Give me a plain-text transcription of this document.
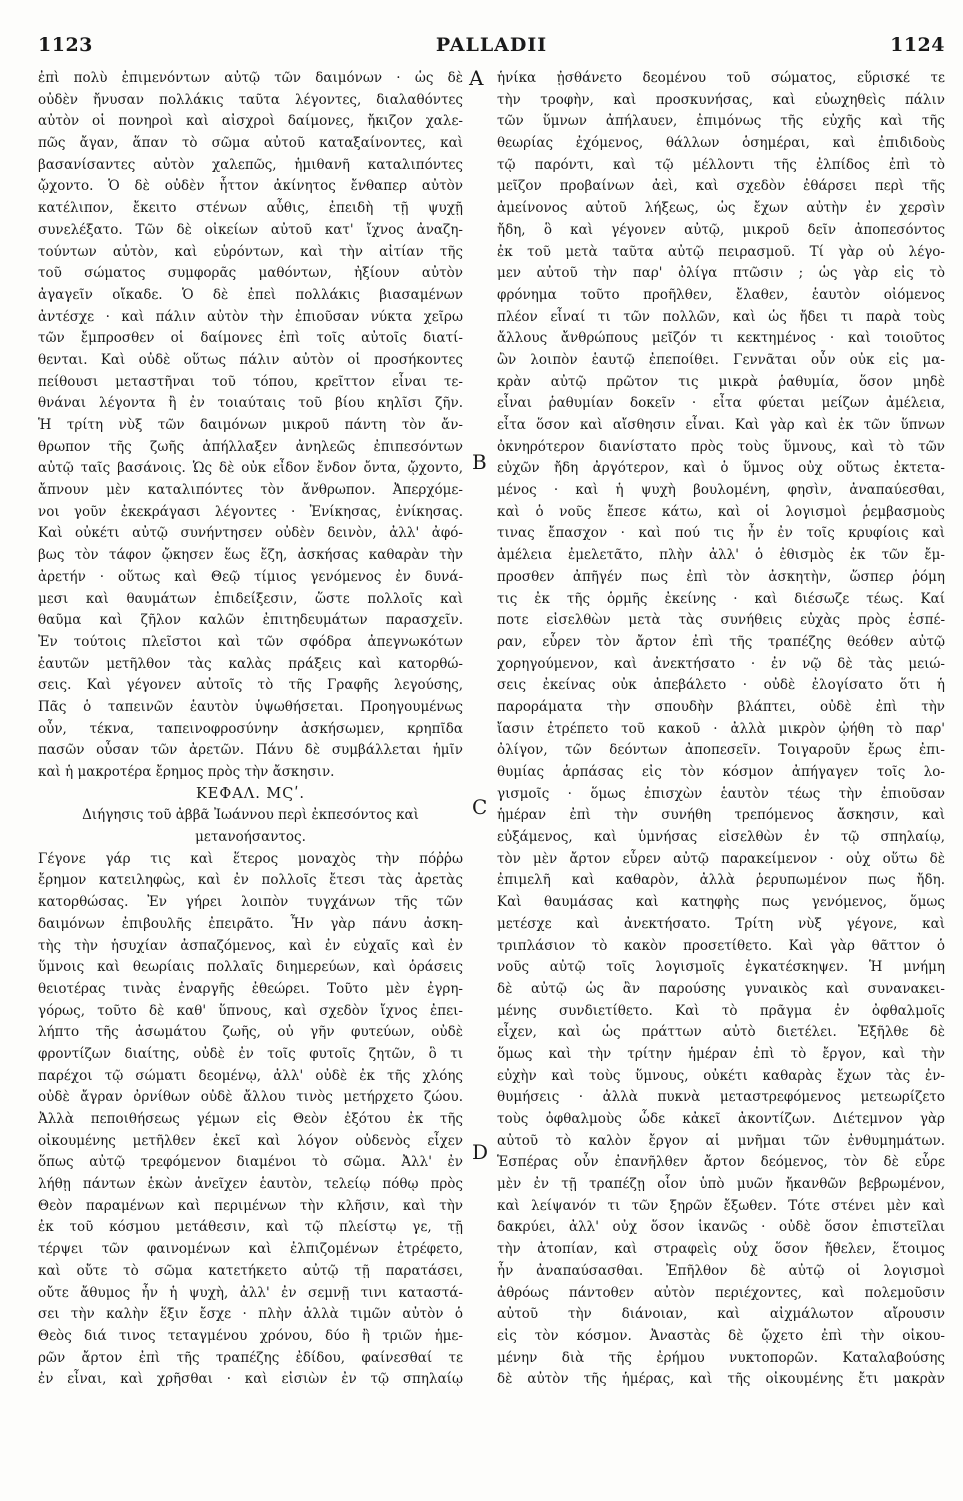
1123	PALLADII	1124
A
B
C
D
ἐπὶ πολὺ ἐπιμενόντων αὐτῷ τῶν δαιμόνων · ὡς δὲ
οὐδὲν ἤνυσαν πολλάκις ταῦτα λέγοντες, διαλαθόντες
αὐτὸν οἱ πονηροὶ καὶ αἰσχροὶ δαίμονες, ἤκιζον χαλε-
πῶς ἄγαν, ἅπαν τὸ σῶμα αὐτοῦ καταξαίνοντες, καὶ
βασανίσαντες αὐτὸν χαλεπῶς, ἡμιθανῆ καταλιπόντες
ᾤχοντο. Ὁ δὲ οὐδὲν ἧττον ἀκίνητος ἔνθαπερ αὐτὸν
κατέλιπον, ἔκειτο στένων αὖθις, ἐπειδὴ τῇ ψυχῇ
συνελέξατο. Τῶν δὲ οἰκείων αὐτοῦ κατ' ἴχνος ἀναζη-
τούντων αὐτὸν, καὶ εὑρόντων, καὶ τὴν αἰτίαν τῆς
τοῦ σώματος συμφορᾶς μαθόντων, ἠξίουν αὐτὸν
ἀγαγεῖν οἴκαδε. Ὁ δὲ ἐπεὶ πολλάκις βιασαμένων
ἀντέσχε · καὶ πάλιν αὐτὸν τὴν ἐπιοῦσαν νύκτα χεῖρω
τῶν ἔμπροσθεν οἱ δαίμονες ἐπὶ τοῖς αὐτοῖς διατί-
θενται. Καὶ οὐδὲ οὕτως πάλιν αὐτὸν οἱ προσήκοντες
πείθουσι μεταστῆναι τοῦ τόπου, κρεῖττον εἶναι τε-
θνάναι λέγοντα ἢ ἐν τοιαύταις τοῦ βίου κηλῖσι ζῆν.
Ἡ τρίτη νὺξ τῶν δαιμόνων μικροῦ πάντη τὸν ἄν-
θρωπον τῆς ζωῆς ἀπήλλαξεν ἀνηλεῶς ἐπιπεσόντων
αὐτῷ ταῖς βασάνοις. Ὡς δὲ οὐκ εἶδον ἔνδον ὄντα, ᾤχοντο,
ἄπνουν μὲν καταλιπόντες τὸν ἄνθρωπον. Ἀπερχόμε-
νοι γοῦν ἐκεκράγασι λέγοντες · Ἐνίκησας, ἐνίκησας.
Καὶ οὐκέτι αὐτῷ συνήντησεν οὐδὲν δεινὸν, ἀλλ' ἀφό-
βως τὸν τάφον ᾤκησεν ἕως ἔζη, ἀσκήσας καθαρὰν τὴν
ἀρετήν · οὕτως καὶ Θεῷ τίμιος γενόμενος ἐν δυνά-
μεσι καὶ θαυμάτων ἐπιδείξεσιν, ὥστε πολλοῖς καὶ
θαῦμα καὶ ζῆλον καλῶν ἐπιτηδευμάτων παρασχεῖν.
Ἐν τούτοις πλεῖστοι καὶ τῶν σφόδρα ἀπεγνωκότων
ἑαυτῶν μετῆλθον τὰς καλὰς πράξεις καὶ κατορθώ-
σεις. Καὶ γέγονεν αὐτοῖς τὸ τῆς Γραφῆς λεγούσης,
Πᾶς ὁ ταπεινῶν ἑαυτὸν ὑψωθήσεται. Προηγουμένως
οὖν, τέκνα, ταπεινοφροσύνην ἀσκήσωμεν, κρηπῖδα
πασῶν οὖσαν τῶν ἀρετῶν. Πάνυ δὲ συμβάλλεται ἡμῖν
καὶ ἡ μακροτέρα ἔρημος πρὸς τὴν ἄσκησιν.
ΚΕΦΑΛ. ΜϚʹ.
Διήγησις τοῦ ἀββᾶ Ἰωάννου περὶ ἐκπεσόντος καὶ
μετανοήσαντος.
Γέγονε γάρ τις καὶ ἕτερος μοναχὸς τὴν πόῤῥω
ἔρημον κατειληφὼς, καὶ ἐν πολλοῖς ἔτεσι τὰς ἀρετὰς
κατορθώσας. Ἐν γήρει λοιπὸν τυγχάνων τῆς τῶν
δαιμόνων ἐπιβουλῆς ἐπειρᾶτο. Ἦν γὰρ πάνυ ἀσκη-
τὴς τὴν ἡσυχίαν ἀσπαζόμενος, καὶ ἐν εὐχαῖς καὶ ἐν
ὕμνοις καὶ θεωρίαις πολλαῖς διημερεύων, καὶ ὁράσεις
θειοτέρας τινὰς ἐναργῆς ἐθεώρει. Τοῦτο μὲν ἐγρη-
γόρως, τοῦτο δὲ καθ' ὕπνους, καὶ σχεδὸν ἴχνος ἐπει-
λήπτο τῆς ἀσωμάτου ζωῆς, οὐ γῆν φυτεύων, οὐδὲ
φροντίζων διαίτης, οὐδὲ ἐν τοῖς φυτοῖς ζητῶν, ὃ τι
παρέχοι τῷ σώματι δεομένῳ, ἀλλ' οὐδὲ ἐκ τῆς χλόης
οὐδὲ ἄγραν ὀρνίθων οὐδὲ ἄλλου τινὸς μετήρχετο ζώου.
Ἀλλὰ πεποιθήσεως γέμων εἰς Θεὸν ἐξότου ἐκ τῆς
οἰκουμένης μετῆλθεν ἐκεῖ καὶ λόγον οὐδενὸς εἶχεν
ὅπως αὐτῷ τρεφόμενον διαμένοι τὸ σῶμα. Ἀλλ' ἐν
λήθῃ πάντων ἑκὼν ἀνεῖχεν ἑαυτὸν, τελείῳ πόθῳ πρὸς
Θεὸν παραμένων καὶ περιμένων τὴν κλῆσιν, καὶ τὴν
ἐκ τοῦ κόσμου μετάθεσιν, καὶ τῷ πλείστῳ γε, τῇ
τέρψει τῶν φαινομένων καὶ ἐλπιζομένων ἐτρέφετο,
καὶ οὔτε τὸ σῶμα κατετήκετο αὐτῷ τῇ παρατάσει,
οὔτε ἄθυμος ἦν ἡ ψυχὴ, ἀλλ' ἐν σεμνῇ τινι καταστά-
σει τὴν καλὴν ἕξιν ἔσχε · πλὴν ἀλλὰ τιμῶν αὐτὸν ὁ
Θεὸς διά τινος τεταγμένου χρόνου, δύο ἢ τριῶν ἡμε-
ρῶν ἄρτον ἐπὶ τῆς τραπέζης ἐδίδου, φαίνεσθαί τε
ἐν εἶναι, καὶ χρῆσθαι · καὶ εἰσιὼν ἐν τῷ σπηλαίῳ
ἡνίκα ᾐσθάνετο δεομένου τοῦ σώματος, εὕρισκέ τε
τὴν τροφὴν, καὶ προσκυνήσας, καὶ εὐωχηθεὶς πάλιν
τῶν ὕμνων ἀπήλαυεν, ἐπιμόνως τῆς εὐχῆς καὶ τῆς
θεωρίας ἐχόμενος, θάλλων ὁσημέραι, καὶ ἐπιδιδοὺς
τῷ παρόντι, καὶ τῷ μέλλοντι τῆς ἐλπίδος ἐπὶ τὸ
μεῖζον προβαίνων ἀεὶ, καὶ σχεδὸν ἐθάρσει περὶ τῆς
ἀμείνονος αὐτοῦ λήξεως, ὡς ἔχων αὐτὴν ἐν χερσὶν
ἤδη, ὃ καὶ γέγονεν αὐτῷ, μικροῦ δεῖν ἀποπεσόντος
ἐκ τοῦ μετὰ ταῦτα αὐτῷ πειρασμοῦ. Τί γὰρ οὐ λέγο-
μεν αὐτοῦ τὴν παρ' ὀλίγα πτῶσιν ; ὡς γὰρ εἰς τὸ
φρόνημα τοῦτο προῆλθεν, ἔλαθεν, ἑαυτὸν οἰόμενος
πλέον εἶναί τι τῶν πολλῶν, καὶ ὡς ἤδει τι παρὰ τοὺς
ἄλλους ἄνθρώπους μεῖζόν τι κεκτημένος · καὶ τοιοῦτος
ὢν λοιπὸν ἑαυτῷ ἐπεποίθει. Γεννᾶται οὖν οὐκ εἰς μα-
κρὰν αὐτῷ πρῶτον τις μικρὰ ῥαθυμία, ὅσον μηδὲ
εἶναι ῥαθυμίαν δοκεῖν · εἶτα φύεται μείζων ἀμέλεια,
εἶτα ὅσον καὶ αἴσθησιν εἶναι. Καὶ γὰρ καὶ ἐκ τῶν ὕπνων
ὀκνηρότερον διανίστατο πρὸς τοὺς ὕμνους, καὶ τὸ τῶν
εὐχῶν ἤδη ἀργότερον, καὶ ὁ ὕμνος οὐχ οὕτως ἐκτετα-
μένος · καὶ ἡ ψυχὴ βουλομένη, φησὶν, ἀναπαύεσθαι,
καὶ ὁ νοῦς ἔπεσε κάτω, καὶ οἱ λογισμοὶ ῥεμβασμοὺς
τινας ἔπασχον · καὶ πού τις ἦν ἐν τοῖς κρυφίοις καὶ
ἀμέλεια ἐμελετᾶτο, πλὴν ἀλλ' ὁ ἐθισμὸς ἐκ τῶν ἔμ-
προσθεν ἀπῆγέν πως ἐπὶ τὸν ἀσκητὴν, ὥσπερ ῥόμη
τις ἐκ τῆς ὁρμῆς ἐκείνης · καὶ διέσωζε τέως. Καί
ποτε εἰσελθὼν μετὰ τὰς συνήθεις εὐχὰς πρὸς ἑσπέ-
ραν, εὗρεν τὸν ἄρτον ἐπὶ τῆς τραπέζης θεόθεν αὐτῷ
χορηγούμενον, καὶ ἀνεκτήσατο · ἐν νῷ δὲ τὰς μειώ-
σεις ἐκείνας οὐκ ἀπεβάλετο · οὐδὲ ἐλογίσατο ὅτι ἡ
παροράματα τὴν σπουδὴν βλάπτει, οὐδὲ ἐπὶ τὴν
ἴασιν ἐτρέπετο τοῦ κακοῦ · ἀλλὰ μικρὸν ᾠήθη τὸ παρ'
ὀλίγον, τῶν δεόντων ἀποπεσεῖν. Τοιγαροῦν ἔρως ἐπι-
θυμίας ἁρπάσας εἰς τὸν κόσμον ἀπήγαγεν τοῖς λο-
γισμοῖς · ὅμως ἐπισχὼν ἑαυτὸν τέως τὴν ἐπιοῦσαν
ἡμέραν ἐπὶ τὴν συνήθη τρεπόμενος ἄσκησιν, καὶ
εὐξάμενος, καὶ ὑμνήσας εἰσελθὼν ἐν τῷ σπηλαίῳ,
τὸν μὲν ἄρτον εὗρεν αὐτῷ παρακείμενον · οὐχ οὕτω δὲ
ἐπιμελῆ καὶ καθαρὸν, ἀλλὰ ῥερυπωμένον πως ἤδη.
Καὶ θαυμάσας καὶ κατηφὴς πως γενόμενος, ὅμως
μετέσχε καὶ ἀνεκτήσατο. Τρίτη νὺξ γέγονε, καὶ
τριπλάσιον τὸ κακὸν προσετίθετο. Καὶ γὰρ θᾶττον ὁ
νοῦς αὐτῷ τοῖς λογισμοῖς ἐγκατέσκηψεν. Ἡ μνήμη
δὲ αὐτῷ ὡς ἂν παρούσης γυναικὸς καὶ συνανακει-
μένης συνδιετίθετο. Καὶ τὸ πρᾶγμα ἐν ὀφθαλμοῖς
εἶχεν, καὶ ὡς πράττων αὐτὸ διετέλει. Ἐξῆλθε δὲ
ὅμως καὶ τὴν τρίτην ἡμέραν ἐπὶ τὸ ἔργον, καὶ τὴν
εὐχὴν καὶ τοὺς ὕμνους, οὐκέτι καθαρὰς ἔχων τὰς ἐν-
θυμήσεις · ἀλλὰ πυκνὰ μεταστρεφόμενος μετεωρίζετο
τοὺς ὀφθαλμοὺς ὧδε κἀκεῖ ἀκοντίζων. Διέτεμνον γὰρ
αὐτοῦ τὸ καλὸν ἔργον αἱ μνῆμαι τῶν ἐνθυμημάτων.
Ἑσπέρας οὖν ἐπανῆλθεν ἄρτον δεόμενος, τὸν δὲ εὗρε
μὲν ἐν τῇ τραπέζῃ οἷον ὑπὸ μυῶν ἤκανθῶν βεβρωμένον,
καὶ λείψανόν τι τῶν ξηρῶν ἔξωθεν. Τότε στένει μὲν καὶ
δακρύει, ἀλλ' οὐχ ὅσον ἱκανῶς · οὐδὲ ὅσον ἐπιστεῖλαι
τὴν ἀτοπίαν, καὶ στραφεὶς οὐχ ὅσον ἤθελεν, ἕτοιμος
ἦν ἀναπαύσασθαι. Ἐπῆλθον δὲ αὐτῷ οἱ λογισμοὶ
ἀθρόως πάντοθεν αὐτὸν περιέχοντες, καὶ πολεμοῦσιν
αὐτοῦ τὴν διάνοιαν, καὶ αἰχμάλωτον αἴρουσιν
εἰς τὸν κόσμον. Ἀναστὰς δὲ ᾤχετο ἐπὶ τὴν οἰκου-
μένην διὰ τῆς ἐρήμου νυκτοπορῶν. Καταλαβούσης
δὲ αὐτὸν τῆς ἡμέρας, καὶ τῆς οἰκουμένης ἔτι μακρὰν
